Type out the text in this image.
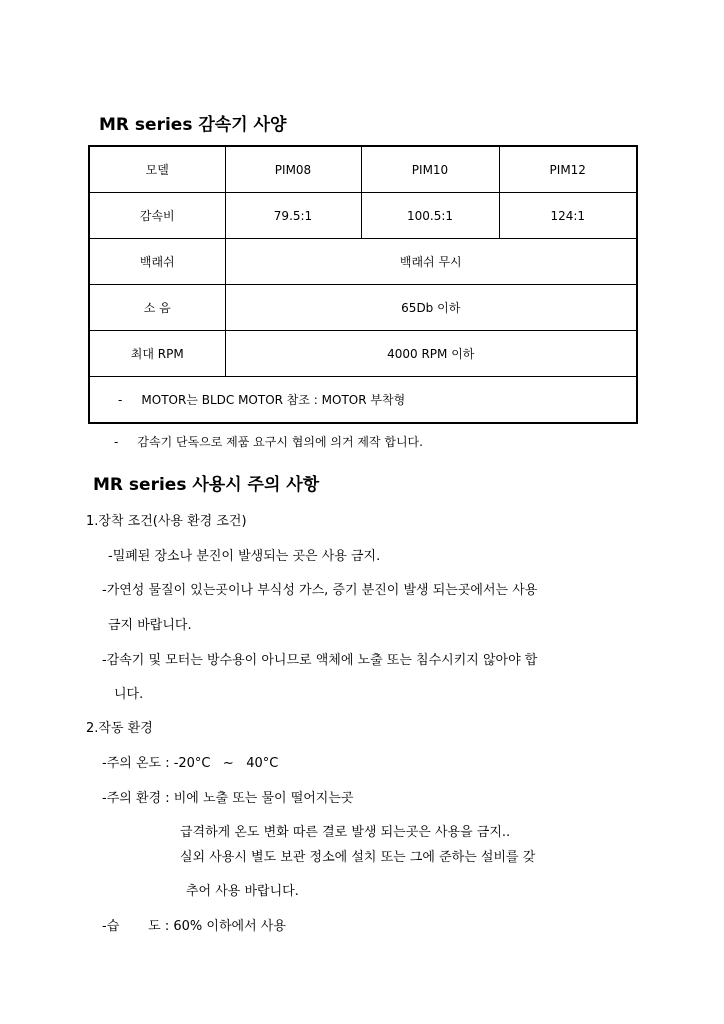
MR series 감속기 사양
모델	PIM08	PIM10	PIM12
감속비	79.5:1	100.5:1	124:1
백래쉬	백래쉬 무시		
소 음	65Db 이하		
최대 RPM	4000 RPM 이하		
-     MOTOR는 BLDC MOTOR 참조 : MOTOR 부착형			
-     감속기 단독으로 제품 요구시 협의에 의거 제작 합니다.
MR series 사용시 주의 사항
1.장착 조건(사용 환경 조건)
-밀폐된 장소나 분진이 발생되는 곳은 사용 금지.
-가연성 물질이 있는곳이나 부식성 가스, 증기 분진이 발생 되는곳에서는 사용
금지 바랍니다.
-감속기 및 모터는 방수용이 아니므로 액체에 노출 또는 침수시키지 않아야 합
니다.
2.작동 환경
-주의 온도 : -20°C   ~   40°C
-주의 환경 : 비에 노출 또는 물이 떨어지는곳
급격하게 온도 변화 따른 결로 발생 되는곳은 사용을 금지..
실외 사용시 별도 보관 정소에 설치 또는 그에 준하는 설비를 갖
추어 사용 바랍니다.
-습       도 : 60% 이하에서 사용
